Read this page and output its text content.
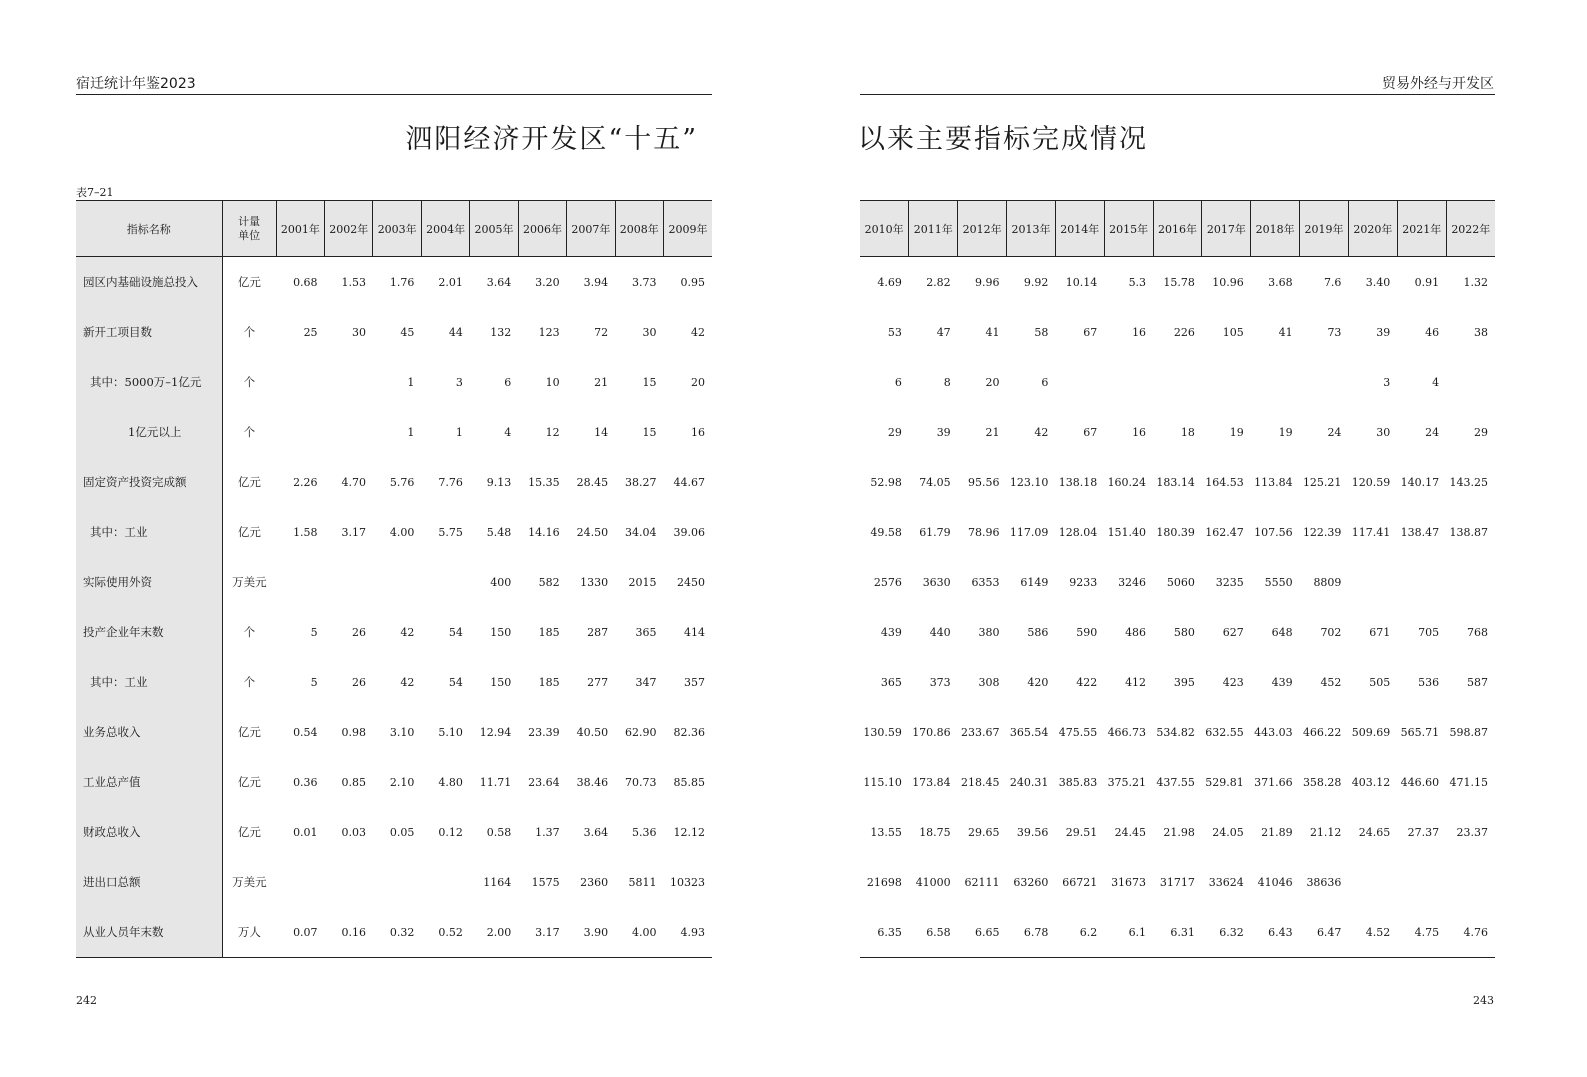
宿迁统计年鉴2023
泗阳经济开发区“十五”
表7–21
指标名称	计量单位	2001年	2002年	2003年	2004年	2005年	2006年	2007年	2008年	2009年
园区内基础设施总投入	亿元	0.68	1.53	1.76	2.01	3.64	3.20	3.94	3.73	0.95
新开工项目数	个	25	30	45	44	132	123	72	30	42
其中：5000万–1亿元	个			1	3	6	10	21	15	20
1亿元以上	个			1	1	4	12	14	15	16
固定资产投资完成额	亿元	2.26	4.70	5.76	7.76	9.13	15.35	28.45	38.27	44.67
其中：工业	亿元	1.58	3.17	4.00	5.75	5.48	14.16	24.50	34.04	39.06
实际使用外资	万美元					400	582	1330	2015	2450
投产企业年末数	个	5	26	42	54	150	185	287	365	414
其中：工业	个	5	26	42	54	150	185	277	347	357
业务总收入	亿元	0.54	0.98	3.10	5.10	12.94	23.39	40.50	62.90	82.36
工业总产值	亿元	0.36	0.85	2.10	4.80	11.71	23.64	38.46	70.73	85.85
财政总收入	亿元	0.01	0.03	0.05	0.12	0.58	1.37	3.64	5.36	12.12
进出口总额	万美元					1164	1575	2360	5811	10323
从业人员年末数	万人	0.07	0.16	0.32	0.52	2.00	3.17	3.90	4.00	4.93
242
贸易外经与开发区
以来主要指标完成情况
2010年	2011年	2012年	2013年	2014年	2015年	2016年	2017年	2018年	2019年	2020年	2021年	2022年
4.69	2.82	9.96	9.92	10.14	5.3	15.78	10.96	3.68	7.6	3.40	0.91	1.32
53	47	41	58	67	16	226	105	41	73	39	46	38
6	8	20	6							3	4	
29	39	21	42	67	16	18	19	19	24	30	24	29
52.98	74.05	95.56	123.10	138.18	160.24	183.14	164.53	113.84	125.21	120.59	140.17	143.25
49.58	61.79	78.96	117.09	128.04	151.40	180.39	162.47	107.56	122.39	117.41	138.47	138.87
2576	3630	6353	6149	9233	3246	5060	3235	5550	8809			
439	440	380	586	590	486	580	627	648	702	671	705	768
365	373	308	420	422	412	395	423	439	452	505	536	587
130.59	170.86	233.67	365.54	475.55	466.73	534.82	632.55	443.03	466.22	509.69	565.71	598.87
115.10	173.84	218.45	240.31	385.83	375.21	437.55	529.81	371.66	358.28	403.12	446.60	471.15
13.55	18.75	29.65	39.56	29.51	24.45	21.98	24.05	21.89	21.12	24.65	27.37	23.37
21698	41000	62111	63260	66721	31673	31717	33624	41046	38636			
6.35	6.58	6.65	6.78	6.2	6.1	6.31	6.32	6.43	6.47	4.52	4.75	4.76
243
